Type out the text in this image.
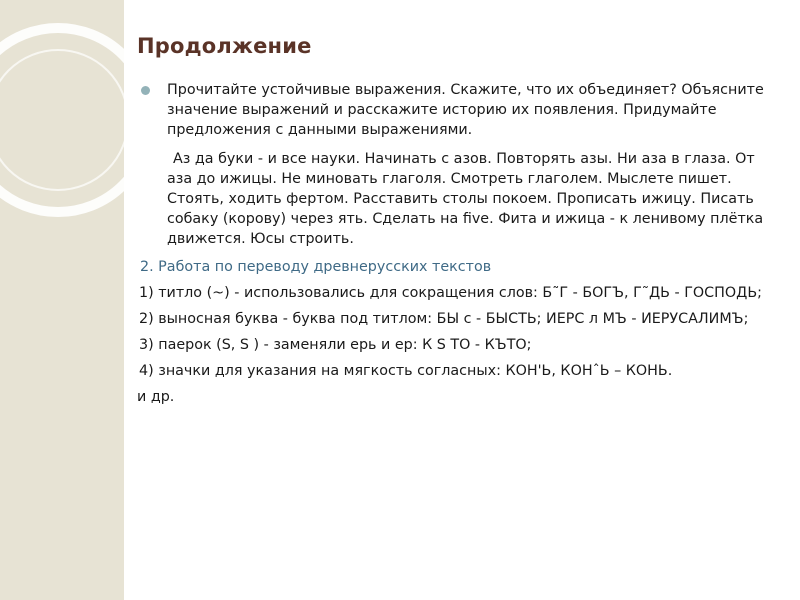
Продолжение
Прочитайте устойчивые выражения. Скажите, что их объединяет? Объясните значение выражений и расскажите историю их появления. Придумайте предложения с данными выражениями.
Аз да буки - и все науки. Начинать с азов. Повторять азы. Ни аза в глаза. От аза до ижицы. Не миновать глаголя. Смотреть глаголем. Мыслете пишет. Стоять, ходить фертом. Расставить столы покоем. Прописать ижицу. Писать собаку (корову) через ять. Сделать на five. Фита и ижица - к ленивому плётка движется. Юсы строить.
2. Работа по переводу древнерусских текстов
1) титло (~) - использовались для сокращения слов: Б˜Г - БОГЪ, Г˜ДЬ - ГОСПОДЬ;
2) выносная буква - буква под титлом: БЫ с - БЫСТЬ; ИЕРС л МЪ - ИЕРУСАЛИМЪ;
3) паерок (S, S ) - заменяли ерь и ер: К S ТО - КЪТО;
4) значки для указания на мягкость согласных: КОН'Ь, КОНˆЬ – КОНЬ.
и др.
